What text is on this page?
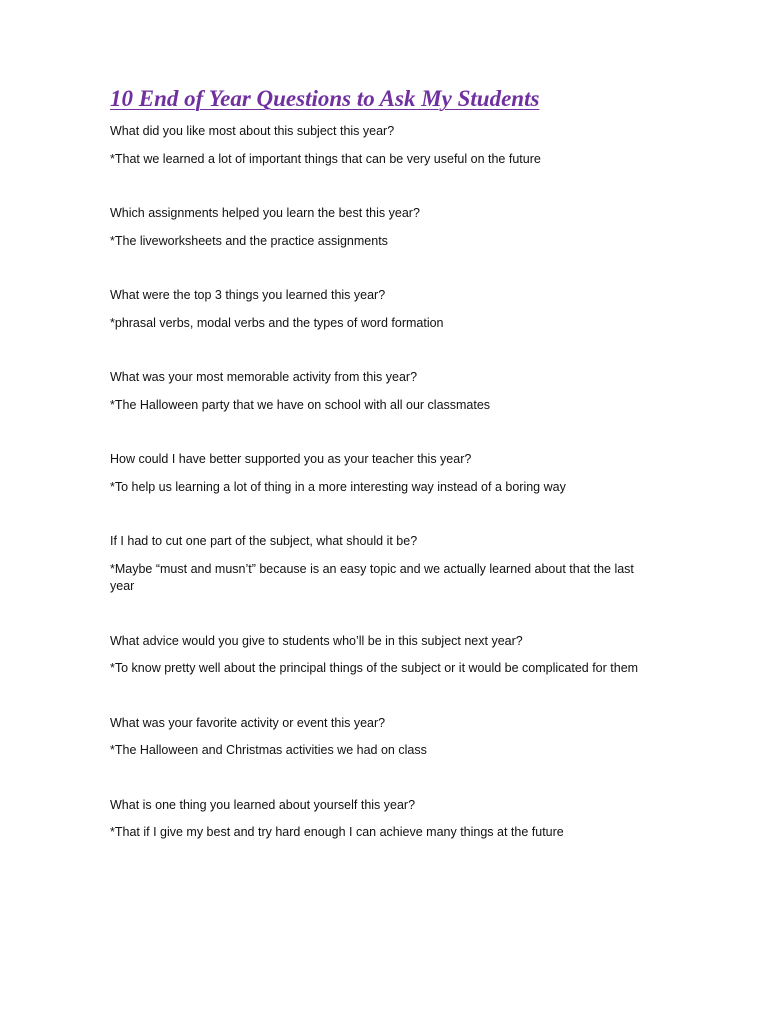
10 End of Year Questions to Ask My Students

What did you like most about this subject this year?

*That we learned a lot of important things that can be very useful on the future

Which assignments helped you learn the best this year?

*The liveworksheets and the practice assignments

What were the top 3 things you learned this year?

*phrasal verbs, modal verbs and the types of word formation

What was your most memorable activity from this year?

*The Halloween party that we have on school with all our classmates

How could I have better supported you as your teacher this year?

*To help us learning a lot of thing in a more interesting way instead of a boring way

If I had to cut one part of the subject, what should it be?

*Maybe “must and musn’t” because is an easy topic and we actually learned about that the last year

What advice would you give to students who’ll be in this subject next year?

*To know pretty well about the principal things of the subject or it would be complicated for them

What was your favorite activity or event this year?

*The Halloween and Christmas activities we had on class

What is one thing you learned about yourself this year?

*That if I give my best and try hard enough I can achieve many things at the future
